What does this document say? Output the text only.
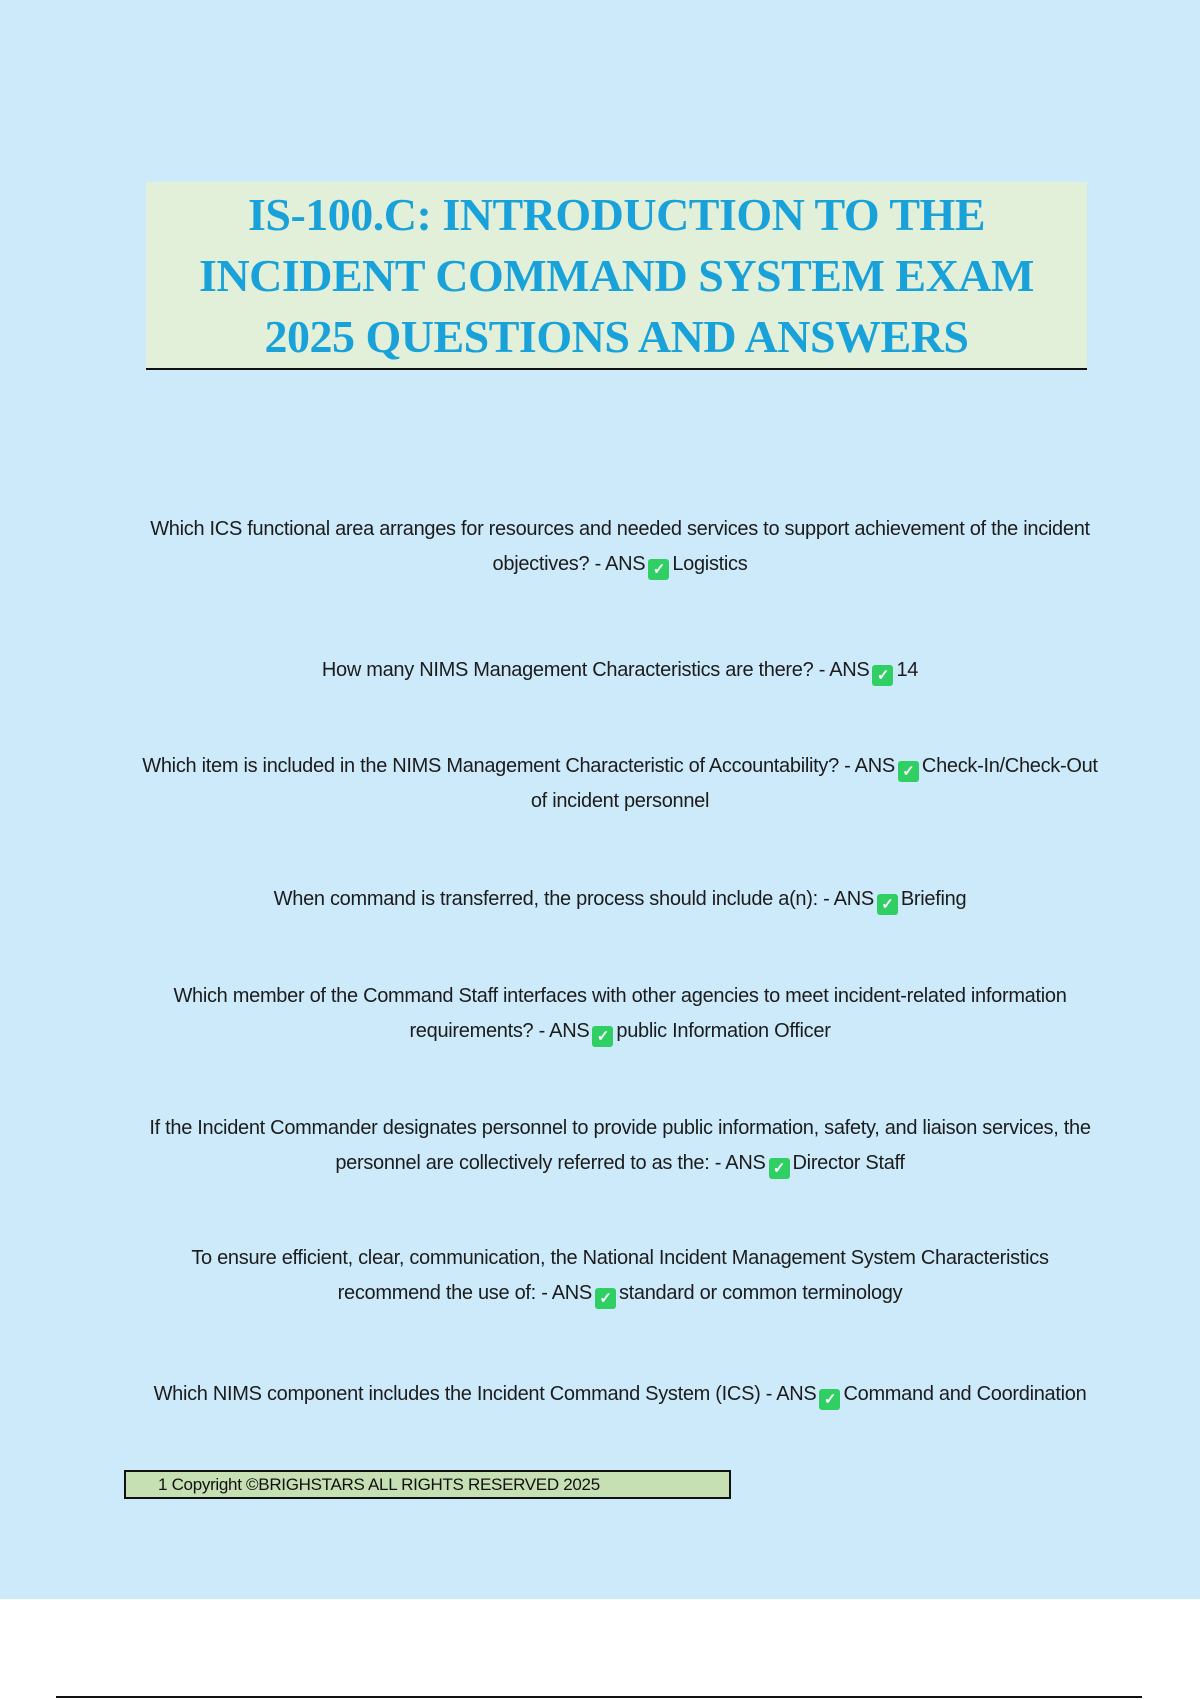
IS-100.C: INTRODUCTION TO THE INCIDENT COMMAND SYSTEM EXAM 2025 QUESTIONS AND ANSWERS
Which ICS functional area arranges for resources and needed services to support achievement of the incident objectives? - ANS ✓ Logistics
How many NIMS Management Characteristics are there? - ANS ✓ 14
Which item is included in the NIMS Management Characteristic of Accountability? - ANS ✓ Check-In/Check-Out of incident personnel
When command is transferred, the process should include a(n): - ANS ✓ Briefing
Which member of the Command Staff interfaces with other agencies to meet incident-related information requirements? - ANS ✓ public Information Officer
If the Incident Commander designates personnel to provide public information, safety, and liaison services, the personnel are collectively referred to as the: - ANS ✓ Director Staff
To ensure efficient, clear, communication, the National Incident Management System Characteristics recommend the use of: - ANS ✓ standard or common terminology
Which NIMS component includes the Incident Command System (ICS) - ANS ✓ Command and Coordination
1 Copyright ©BRIGHSTARS ALL RIGHTS RESERVED 2025
